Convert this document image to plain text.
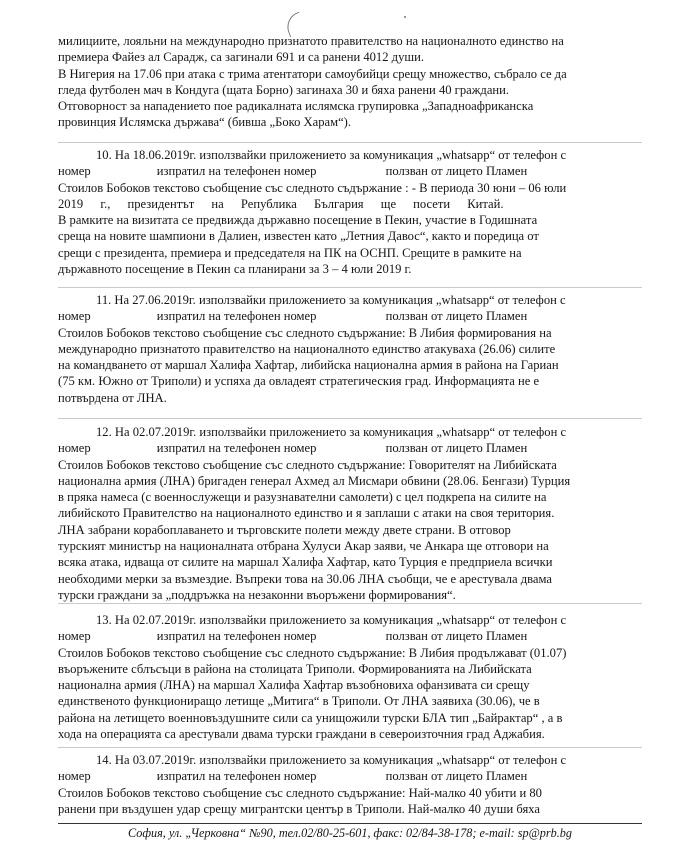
милициите, лояльни на международно признатото правителство на националното единство на

премиера Файез ал Сарадж, са загинали 691 и са ранени 4012 души.

В Нигерия на 17.06 при атака с трима атентатори самоубийци срещу множество, събрало се да

гледа футболен мач в Кондуга (щата Борно) загинаха 30 и бяха ранени 40 граждани.

Отговорност за нападението пое радикалната ислямска групировка „Западноафриканска

провинция Ислямска държава“ (бивша „Боко Харам“).

10. На 18.06.2019г. използвайки приложението за комуникация „whatsapp“ от телефон с

номер                     изпратил на телефонен номер                      ползван от лицето Пламен

Стоилов Бобоков текстово съобщение със следното съдържание : - В периода 30 юни – 06 юли

2019 г., президентът на Република България ще посети Китай.

В рамките на визитата се предвижда държавно посещение в Пекин, участие в Годишната

среща на новите шампиони в Далиен, известен като „Летния Давос“, както и поредица от

срещи с президента, премиера и председателя на ПК на ОСНП. Срещите в рамките на

държавното посещение в Пекин са планирани за 3 – 4 юли 2019 г.

11. На 27.06.2019г. използвайки приложението за комуникация „whatsapp“ от телефон с

номер                     изпратил на телефонен номер                      ползван от лицето Пламен

Стоилов Бобоков текстово съобщение със следното съдържание: В Либия формирования на

международно признатото правителство на националното единство атакуваха (26.06) силите

на командването от маршал Халифа Хафтар, либийска национална армия в района на Гариан

(75 км. Южно от Триполи) и успяха да овладеят стратегическия град. Информацията не е

потвърдена от ЛНА.

12. На 02.07.2019г. използвайки приложението за комуникация „whatsapp“ от телефон с

номер                     изпратил на телефонен номер                      ползван от лицето Пламен

Стоилов Бобоков текстово съобщение със следното съдържание: Говорителят на Либийската

национална армия (ЛНА) бригаден генерал Ахмед ал Мисмари обвини (28.06. Бенгази) Турция

в пряка намеса (с военнослужещи и разузнавателни самолети) с цел подкрепа на силите на

либийското Правителство на националното единство и я заплаши с атаки на своя територия.

ЛНА забрани корабоплаването и търговските полети между двете страни. В отговор

турският министър на националната отбрана Хулуси Акар заяви, че Анкара ще отговори на

всяка атака, идваща от силите на маршал Халифа Хафтар, като Турция е предприела всички

необходими мерки за възмездие. Въпреки това на 30.06 ЛНА съобщи, че е арестувала двама

турски граждани за „поддръжка на незаконни въоръжени формирования“.

13. На 02.07.2019г. използвайки приложението за комуникация „whatsapp“ от телефон с

номер                     изпратил на телефонен номер                      ползван от лицето Пламен

Стоилов Бобоков текстово съобщение със следното съдържание: В Либия продължават (01.07)

въоръжените сблъсъци в района на столицата Триполи. Формированията на Либийската

национална армия (ЛНА) на маршал Халифа Хафтар възобновиха офанзивата си срещу

единственото функциониращо летище „Митига“ в Триполи. От ЛНА заявиха (30.06), че в

района на летището военновъздушните сили са унищожили турски БЛА тип „Байрактар“ , а в

хода на операцията са арестували двама турски граждани в североизточния град Аджабия.

14. На 03.07.2019г. използвайки приложението за комуникация „whatsapp“ от телефон с

номер                     изпратил на телефонен номер                      ползван от лицето Пламен

Стоилов Бобоков текстово съобщение със следното съдържание: Най-малко 40 убити и 80

ранени при въздушен удар срещу мигрантски център в Триполи. Най-малко 40 души бяха

София, ул. „Черковна“ №90, тел.02/80-25-601, факс: 02/84-38-178; e-mail: sp@prb.bg
